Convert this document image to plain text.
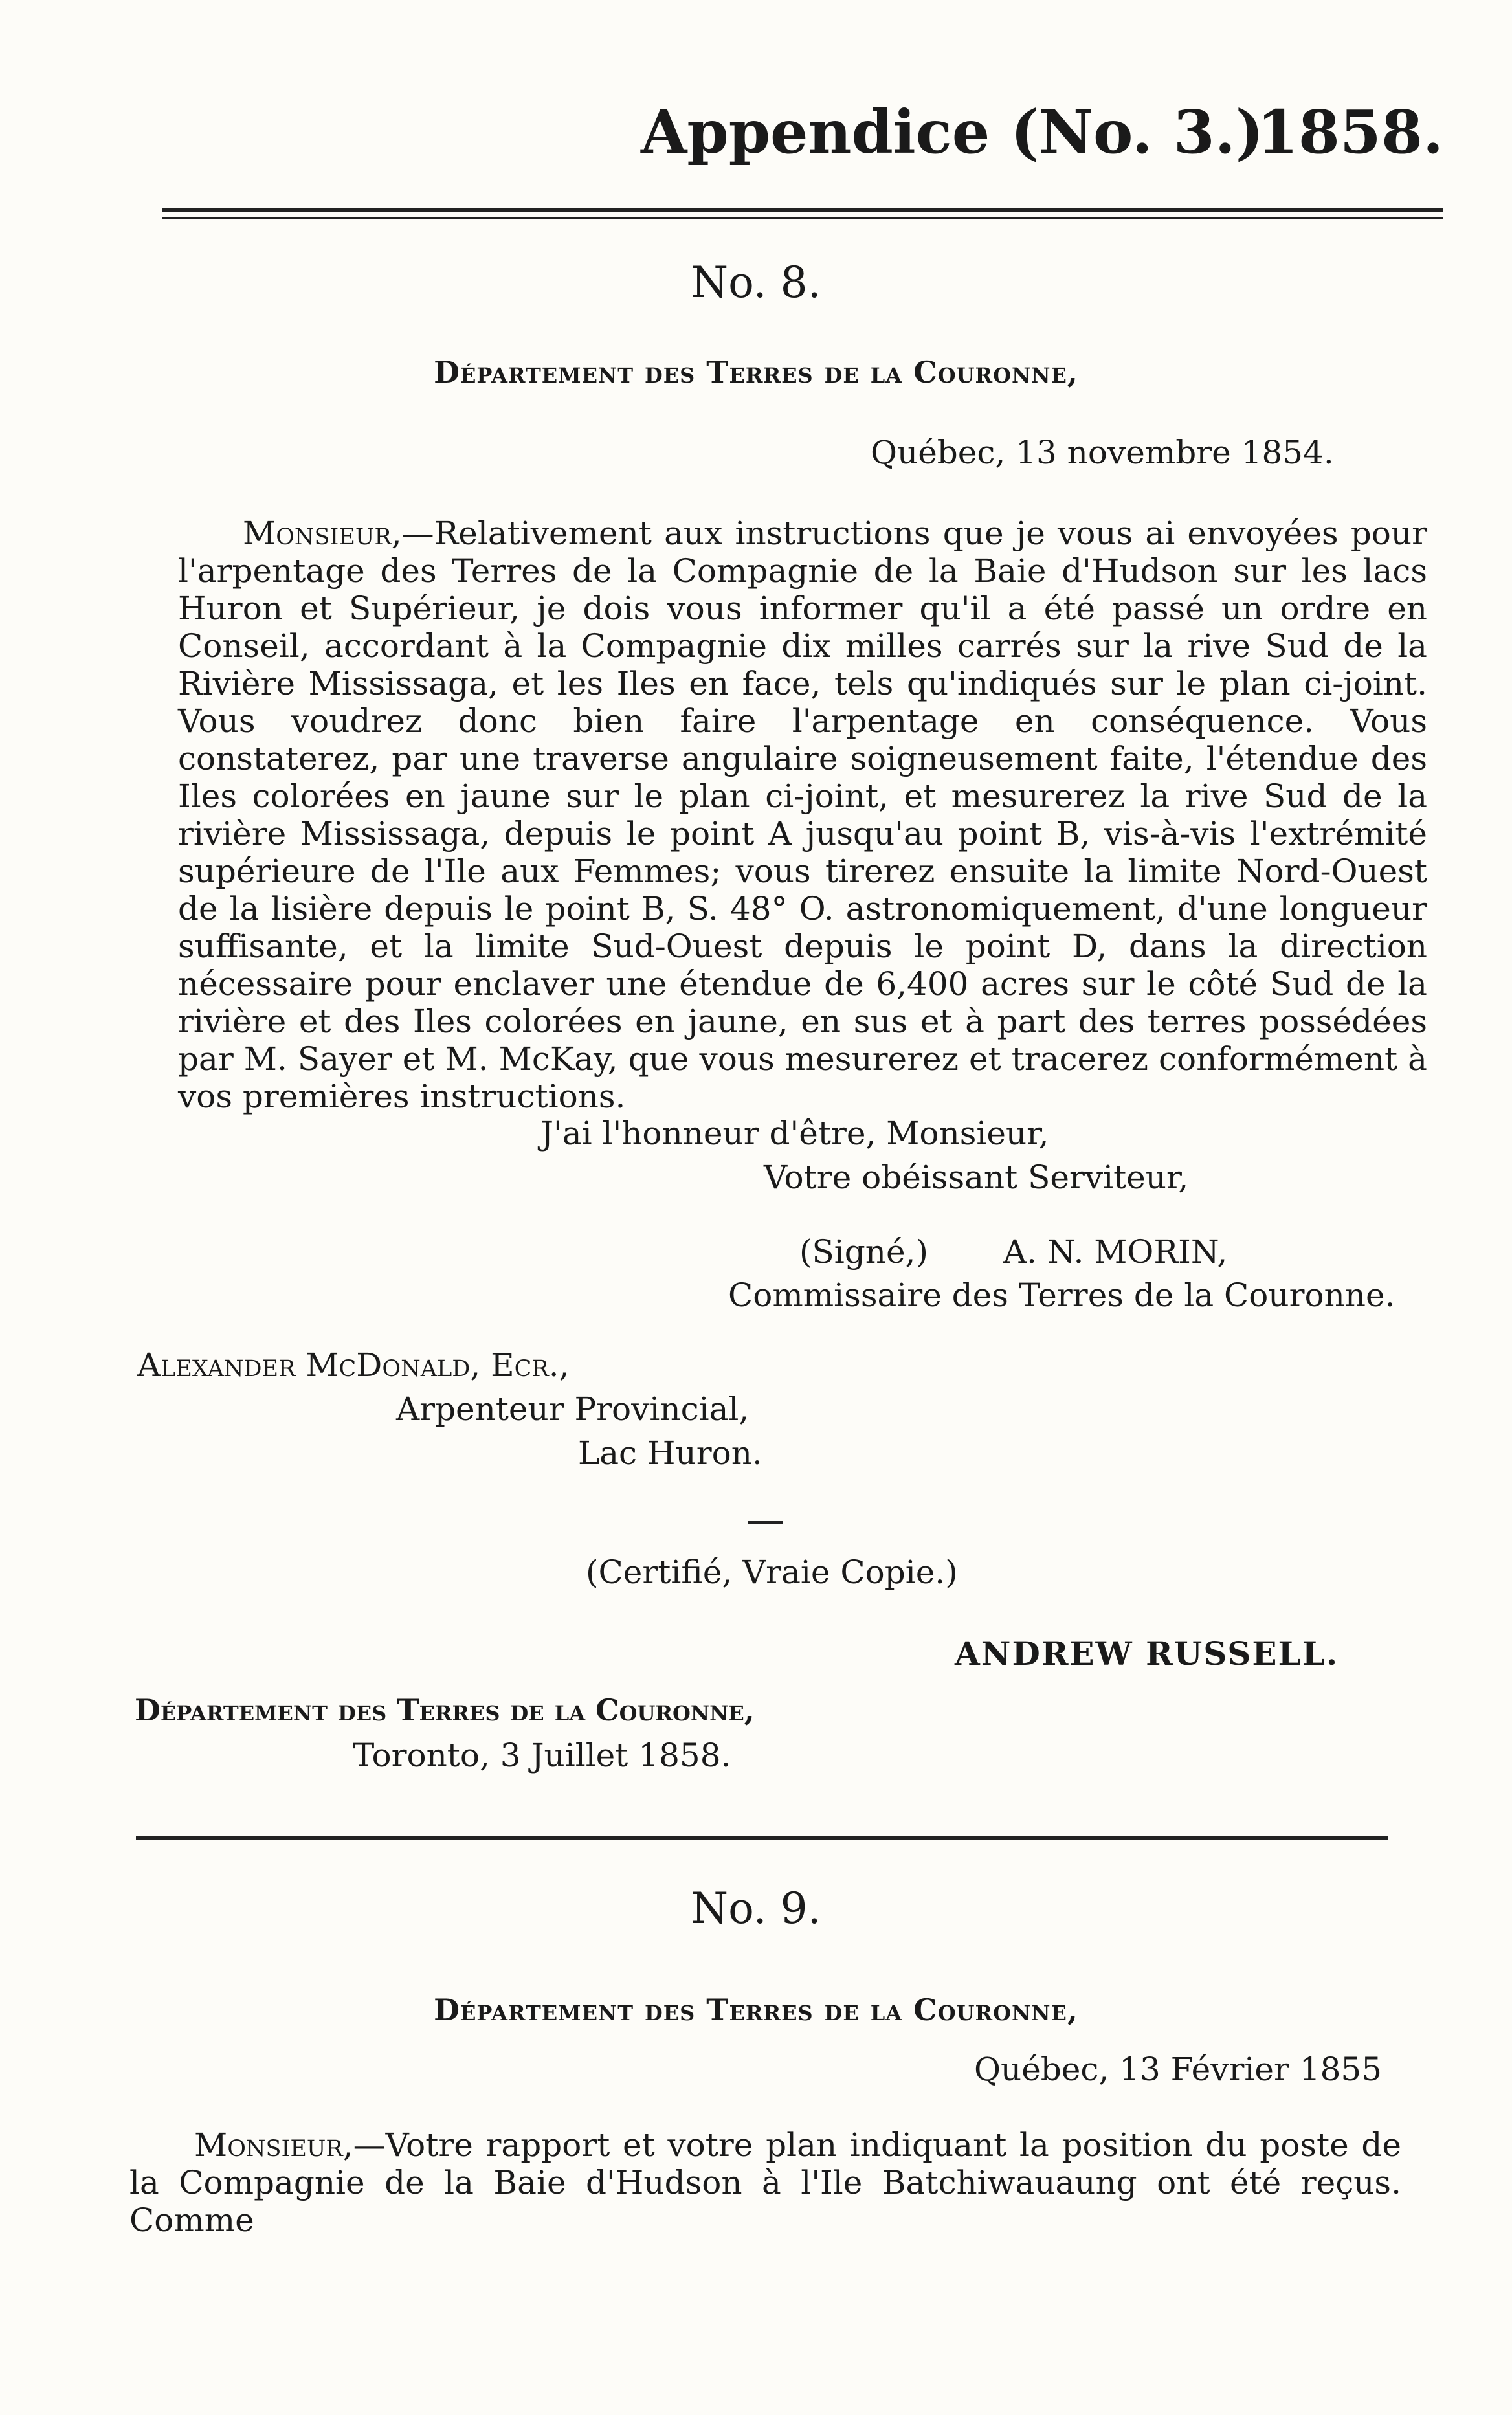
Appendice (No. 3.)
1858.
No. 8.
Département des Terres de la Couronne,
Québec, 13 novembre 1854.

Monsieur,—Relativement aux instructions que je vous ai envoyées pour l'arpentage des Terres de la Compagnie de la Baie d'Hudson sur les lacs Huron et Supérieur, je dois vous informer qu'il a été passé un ordre en Conseil, accordant à la Compagnie dix milles carrés sur la rive Sud de la Rivière Mississaga, et les Iles en face, tels qu'indiqués sur le plan ci-joint. Vous voudrez donc bien faire l'arpentage en conséquence. Vous constaterez, par une traverse angulaire soigneusement faite, l'étendue des Iles colorées en jaune sur le plan ci-joint, et mesurerez la rive Sud de la rivière Mississaga, depuis le point A jusqu'au point B, vis-à-vis l'extrémité supérieure de l'Ile aux Femmes; vous tirerez ensuite la limite Nord-Ouest de la lisière depuis le point B, S. 48° O. astronomiquement, d'une longueur suffisante, et la limite Sud-Ouest depuis le point D, dans la direction nécessaire pour enclaver une étendue de 6,400 acres sur le côté Sud de la rivière et des Iles colorées en jaune, en sus et à part des terres possédées par M. Sayer et M. McKay, que vous mesurerez et tracerez conformément à vos premières instructions.

J'ai l'honneur d'être, Monsieur,
Votre obéissant Serviteur,
(Signé,) A. N. MORIN,
Commissaire des Terres de la Couronne.
Alexander McDonald, Ecr.,
Arpenteur Provincial,
Lac Huron.
(Certifié, Vraie Copie.)
ANDREW RUSSELL.
Département des Terres de la Couronne,
Toronto, 3 Juillet 1858.
No. 9.
Département des Terres de la Couronne,
Québec, 13 Février 1855

Monsieur,—Votre rapport et votre plan indiquant la position du poste de la Compagnie de la Baie d'Hudson à l'Ile Batchiwauaung ont été reçus. Comme
